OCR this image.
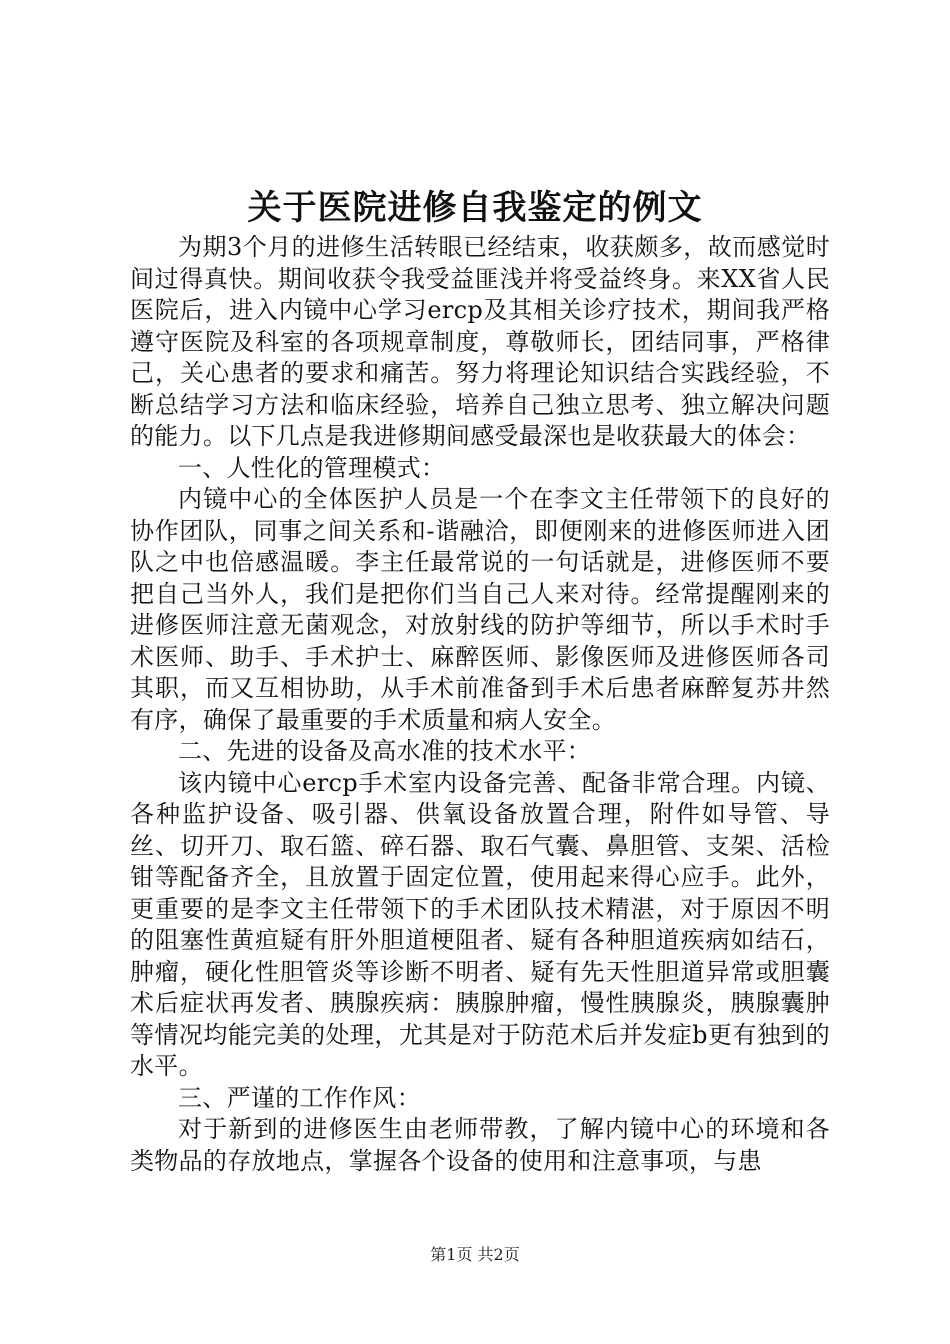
关于医院进修自我鉴定的例文

为期3个月的进修生活转眼已经结束，收获颇多，故而感觉时间过得真快。期间收获令我受益匪浅并将受益终身。来XX省人民医院后，进入内镜中心学习ercp及其相关诊疗技术，期间我严格遵守医院及科室的各项规章制度，尊敬师长，团结同事，严格律己，关心患者的要求和痛苦。努力将理论知识结合实践经验，不断总结学习方法和临床经验，培养自己独立思考、独立解决问题的能力。以下几点是我进修期间感受最深也是收获最大的体会：

一、人性化的管理模式：

内镜中心的全体医护人员是一个在李文主任带领下的良好的协作团队，同事之间关系和-谐融洽，即便刚来的进修医师进入团队之中也倍感温暖。李主任最常说的一句话就是，进修医师不要把自己当外人，我们是把你们当自己人来对待。经常提醒刚来的进修医师注意无菌观念，对放射线的防护等细节，所以手术时手术医师、助手、手术护士、麻醉医师、影像医师及进修医师各司其职，而又互相协助，从手术前准备到手术后患者麻醉复苏井然有序，确保了最重要的手术质量和病人安全。

二、先进的设备及高水准的技术水平：

该内镜中心ercp手术室内设备完善、配备非常合理。内镜、各种监护设备、吸引器、供氧设备放置合理，附件如导管、导丝、切开刀、取石篮、碎石器、取石气囊、鼻胆管、支架、活检钳等配备齐全，且放置于固定位置，使用起来得心应手。此外，更重要的是李文主任带领下的手术团队技术精湛，对于原因不明的阻塞性黄疸疑有肝外胆道梗阻者、疑有各种胆道疾病如结石，肿瘤，硬化性胆管炎等诊断不明者、疑有先天性胆道异常或胆囊术后症状再发者、胰腺疾病：胰腺肿瘤，慢性胰腺炎，胰腺囊肿等情况均能完美的处理，尤其是对于防范术后并发症b更有独到的水平。

三、严谨的工作作风：

对于新到的进修医生由老师带教，了解内镜中心的环境和各类物品的存放地点，掌握各个设备的使用和注意事项，与患

第1页 共2页
